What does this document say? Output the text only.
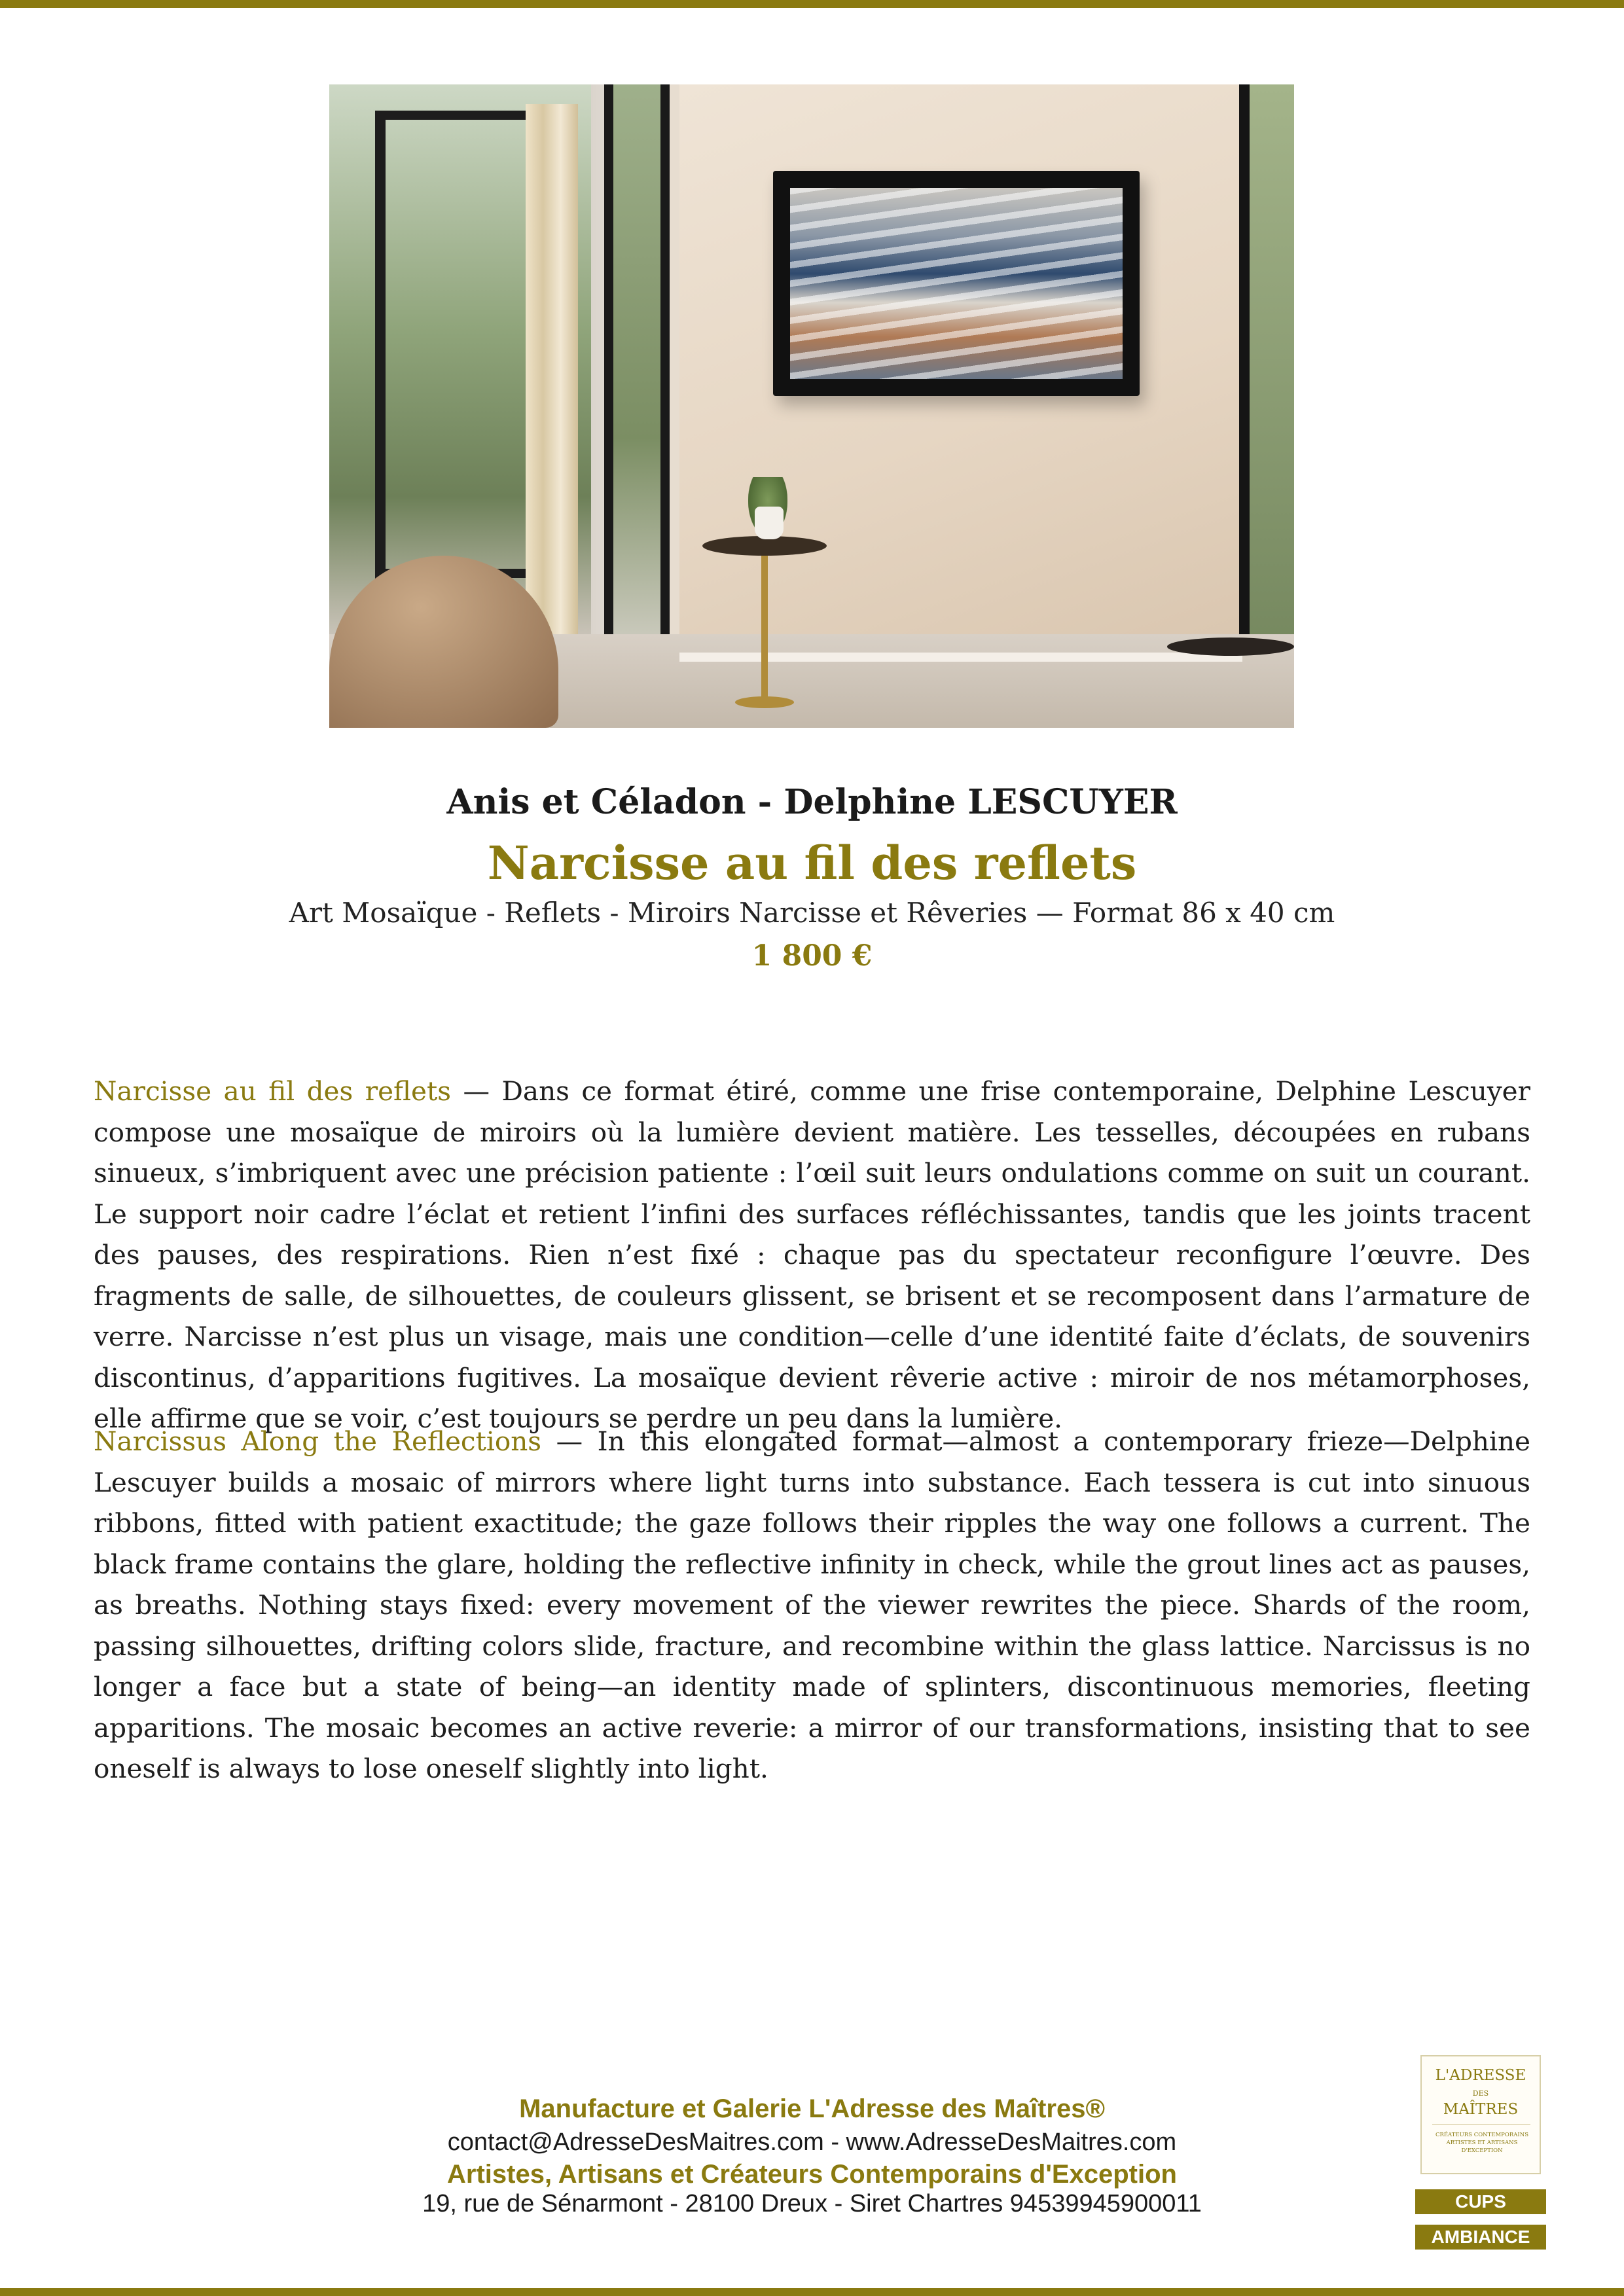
Anis et Céladon - Delphine LESCUYER
Narcisse au fil des reflets
Art Mosaïque - Reflets - Miroirs Narcisse et Rêveries — Format 86 x 40 cm
1 800 €

Narcisse au fil des reflets — Dans ce format étiré, comme une frise contemporaine, Delphine Lescuyer compose une mosaïque de miroirs où la lumière devient matière. Les tesselles, découpées en rubans sinueux, s’imbriquent avec une précision patiente : l’œil suit leurs ondulations comme on suit un courant. Le support noir cadre l’éclat et retient l’infini des surfaces réfléchissantes, tandis que les joints tracent des pauses, des respirations. Rien n’est fixé : chaque pas du spectateur reconfigure l’œuvre. Des fragments de salle, de silhouettes, de couleurs glissent, se brisent et se recomposent dans l’armature de verre. Narcisse n’est plus un visage, mais une condition—celle d’une identité faite d’éclats, de souvenirs discontinus, d’apparitions fugitives. La mosaïque devient rêverie active : miroir de nos métamorphoses, elle affirme que se voir, c’est toujours se perdre un peu dans la lumière.

Narcissus Along the Reflections — In this elongated format—almost a contemporary frieze—Delphine Lescuyer builds a mosaic of mirrors where light turns into substance. Each tessera is cut into sinuous ribbons, fitted with patient exactitude; the gaze follows their ripples the way one follows a current. The black frame contains the glare, holding the reflective infinity in check, while the grout lines act as pauses, as breaths. Nothing stays fixed: every movement of the viewer rewrites the piece. Shards of the room, passing silhouettes, drifting colors slide, fracture, and recombine within the glass lattice. Narcissus is no longer a face but a state of being—an identity made of splinters, discontinuous memories, fleeting apparitions. The mosaic becomes an active reverie: a mirror of our transformations, insisting that to see oneself is always to lose oneself slightly into light.

Manufacture et Galerie L'Adresse des Maîtres®
contact@AdresseDesMaitres.com - www.AdresseDesMaitres.com
Artistes, Artisans et Créateurs Contemporains d'Exception
19, rue de Sénarmont - 28100 Dreux - Siret Chartres 94539945900011
L'ADRESSE
DES
MAÎTRES
CRÉATEURS CONTEMPORAINS ARTISTES ET ARTISANS D'EXCEPTION
CUPS
AMBIANCE
